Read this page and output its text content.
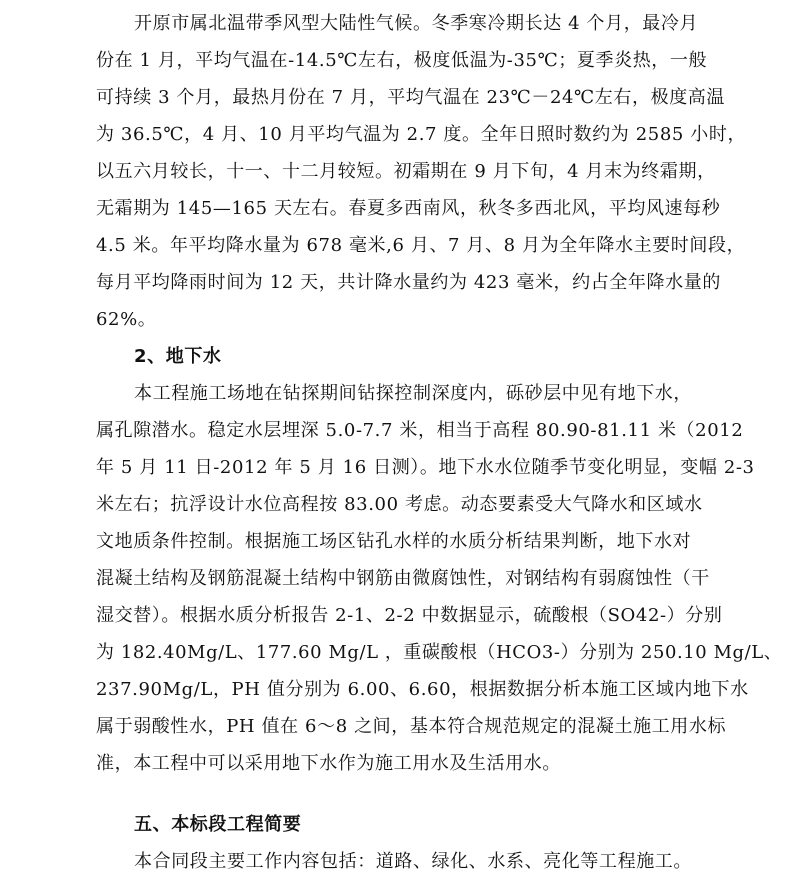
开原市属北温带季风型大陆性气候。冬季寒冷期长达 4 个月，最冷月
份在 1 月，平均气温在-14.5℃左右，极度低温为-35℃；夏季炎热，一般
可持续 3 个月，最热月份在 7 月，平均气温在 23℃－24℃左右，极度高温
为 36.5℃，4 月、10 月平均气温为 2.7 度。全年日照时数约为 2585 小时，
以五六月较长，十一、十二月较短。初霜期在 9 月下旬，4 月末为终霜期，
无霜期为 145—165 天左右。春夏多西南风，秋冬多西北风，平均风速每秒
4.5 米。年平均降水量为 678 毫米,6 月、7 月、8 月为全年降水主要时间段，
每月平均降雨时间为 12 天，共计降水量约为 423 毫米，约占全年降水量的
62%。
2、地下水
本工程施工场地在钻探期间钻探控制深度内，砾砂层中见有地下水，
属孔隙潜水。稳定水层埋深 5.0-7.7 米，相当于高程 80.90-81.11 米（2012
年 5 月 11 日-2012 年 5 月 16 日测）。地下水水位随季节变化明显，变幅 2-3
米左右；抗浮设计水位高程按 83.00 考虑。动态要素受大气降水和区域水
文地质条件控制。根据施工场区钻孔水样的水质分析结果判断，地下水对
混凝土结构及钢筋混凝土结构中钢筋由微腐蚀性，对钢结构有弱腐蚀性（干
湿交替）。根据水质分析报告 2-1、2-2 中数据显示，硫酸根（SO42-）分别
为 182.40Mg/L、177.60 Mg/L ，重碳酸根（HCO3-）分别为 250.10 Mg/L、
237.90Mg/L，PH 值分别为 6.00、6.60，根据数据分析本施工区域内地下水
属于弱酸性水，PH 值在 6～8 之间，基本符合规范规定的混凝土施工用水标
准，本工程中可以采用地下水作为施工用水及生活用水。
五、本标段工程简要
本合同段主要工作内容包括：道路、绿化、水系、亮化等工程施工。
